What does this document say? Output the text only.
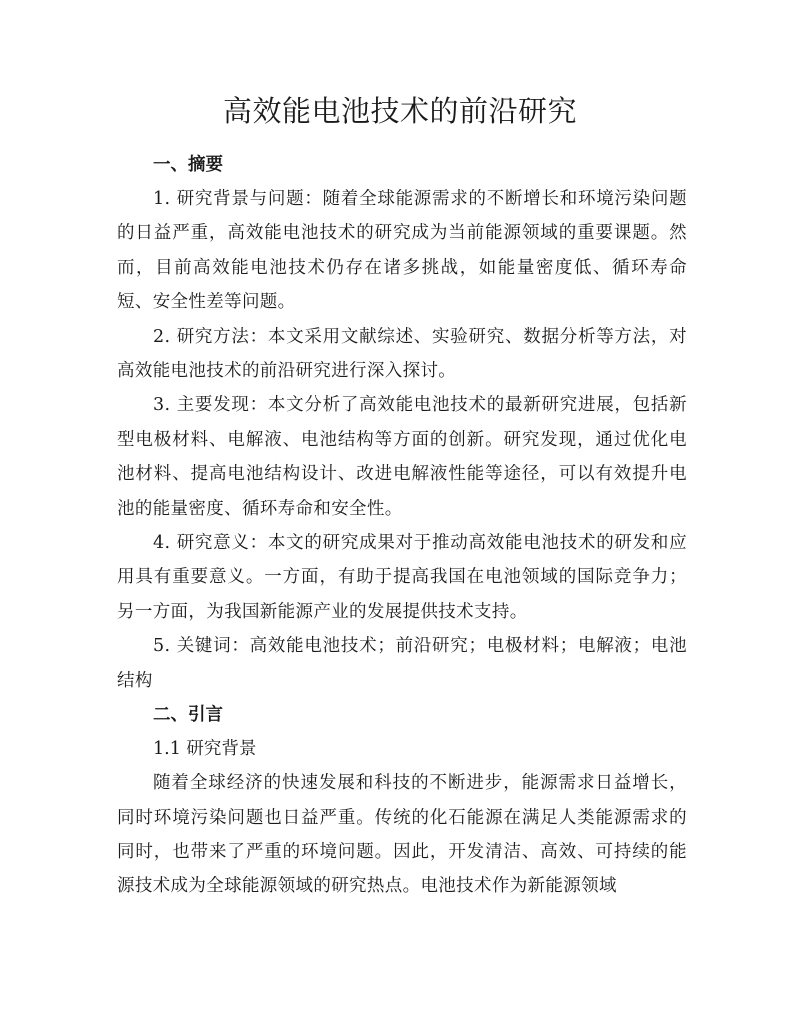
高效能电池技术的前沿研究
一、摘要

1. 研究背景与问题：随着全球能源需求的不断增长和环境污染问题的日益严重，高效能电池技术的研究成为当前能源领域的重要课题。然而，目前高效能电池技术仍存在诸多挑战，如能量密度低、循环寿命短、安全性差等问题。

2. 研究方法：本文采用文献综述、实验研究、数据分析等方法，对高效能电池技术的前沿研究进行深入探讨。

3. 主要发现：本文分析了高效能电池技术的最新研究进展，包括新型电极材料、电解液、电池结构等方面的创新。研究发现，通过优化电池材料、提高电池结构设计、改进电解液性能等途径，可以有效提升电池的能量密度、循环寿命和安全性。

4. 研究意义：本文的研究成果对于推动高效能电池技术的研发和应用具有重要意义。一方面，有助于提高我国在电池领域的国际竞争力；另一方面，为我国新能源产业的发展提供技术支持。

5. 关键词：高效能电池技术；前沿研究；电极材料；电解液；电池结构

二、引言
1.1 研究背景

随着全球经济的快速发展和科技的不断进步，能源需求日益增长，同时环境污染问题也日益严重。传统的化石能源在满足人类能源需求的同时，也带来了严重的环境问题。因此，开发清洁、高效、可持续的能源技术成为全球能源领域的研究热点。电池技术作为新能源领域
